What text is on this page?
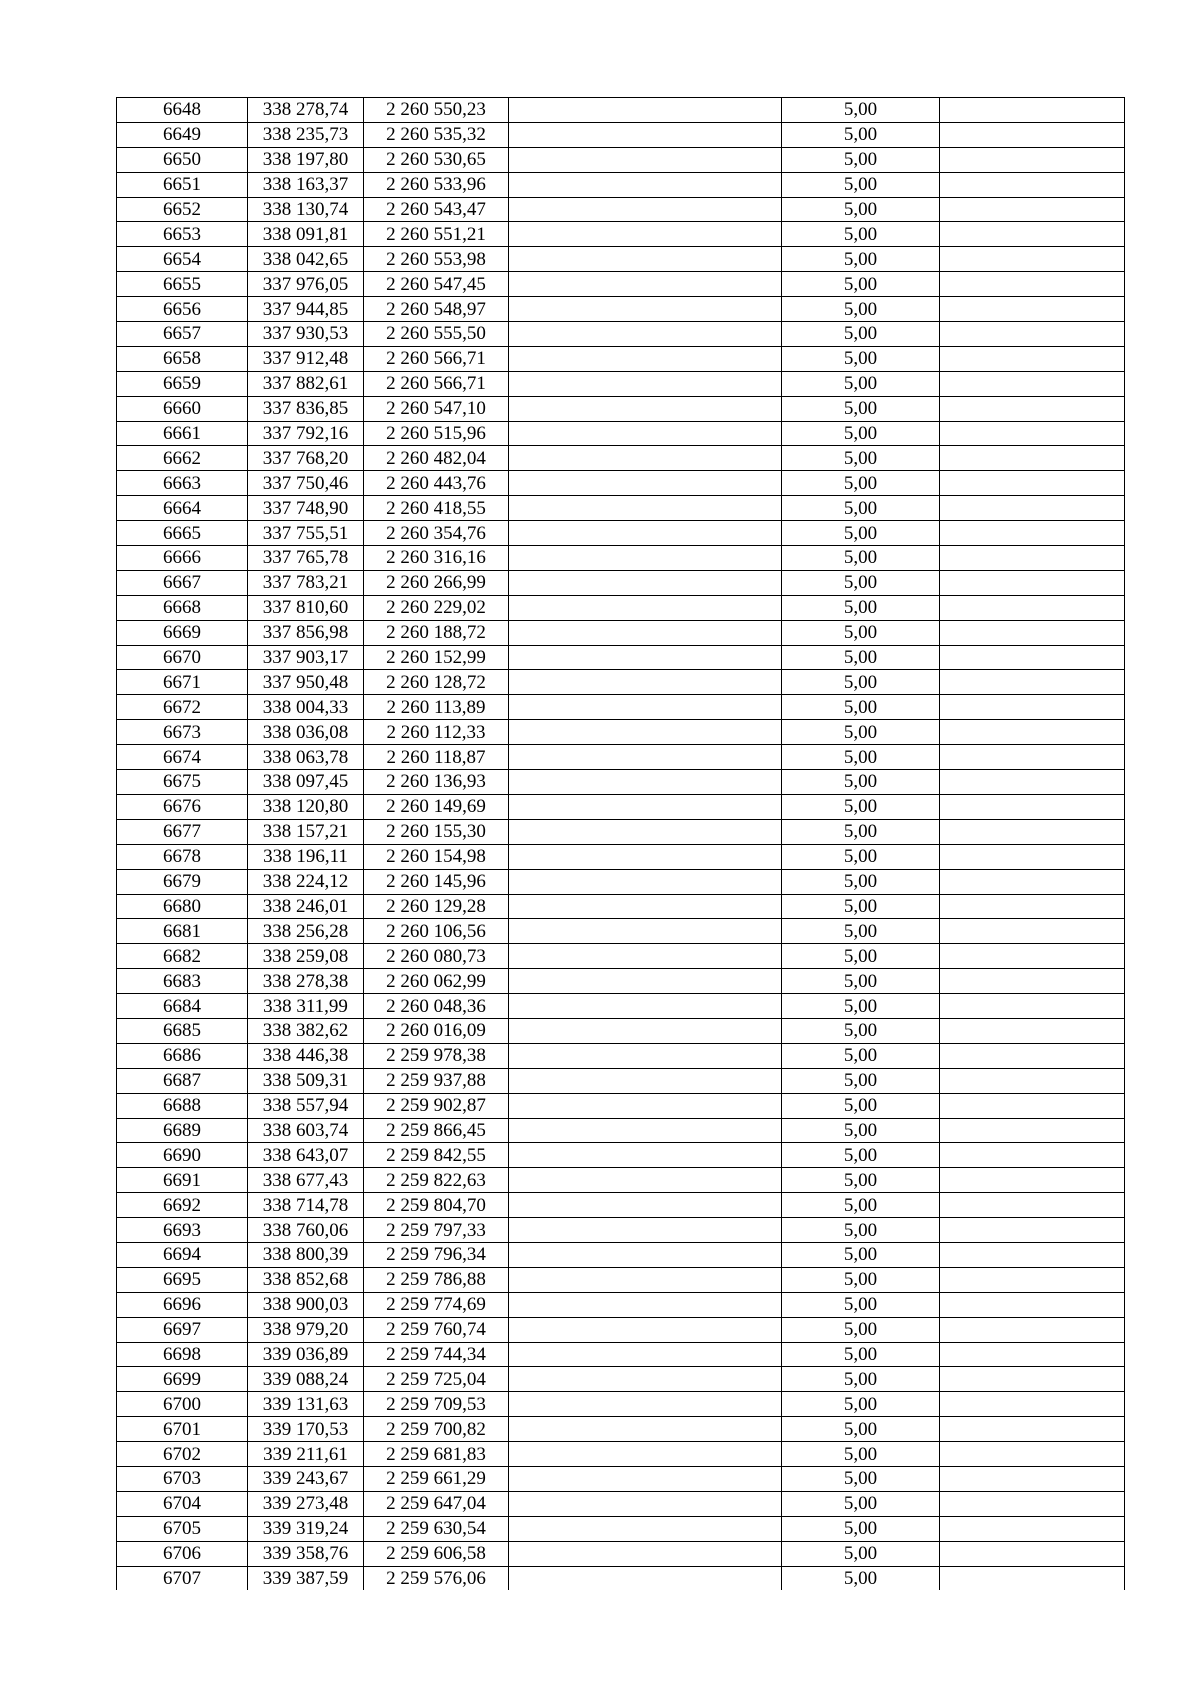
6648	338 278,74	2 260 550,23		5,00	
6649	338 235,73	2 260 535,32		5,00	
6650	338 197,80	2 260 530,65		5,00	
6651	338 163,37	2 260 533,96		5,00	
6652	338 130,74	2 260 543,47		5,00	
6653	338 091,81	2 260 551,21		5,00	
6654	338 042,65	2 260 553,98		5,00	
6655	337 976,05	2 260 547,45		5,00	
6656	337 944,85	2 260 548,97		5,00	
6657	337 930,53	2 260 555,50		5,00	
6658	337 912,48	2 260 566,71		5,00	
6659	337 882,61	2 260 566,71		5,00	
6660	337 836,85	2 260 547,10		5,00	
6661	337 792,16	2 260 515,96		5,00	
6662	337 768,20	2 260 482,04		5,00	
6663	337 750,46	2 260 443,76		5,00	
6664	337 748,90	2 260 418,55		5,00	
6665	337 755,51	2 260 354,76		5,00	
6666	337 765,78	2 260 316,16		5,00	
6667	337 783,21	2 260 266,99		5,00	
6668	337 810,60	2 260 229,02		5,00	
6669	337 856,98	2 260 188,72		5,00	
6670	337 903,17	2 260 152,99		5,00	
6671	337 950,48	2 260 128,72		5,00	
6672	338 004,33	2 260 113,89		5,00	
6673	338 036,08	2 260 112,33		5,00	
6674	338 063,78	2 260 118,87		5,00	
6675	338 097,45	2 260 136,93		5,00	
6676	338 120,80	2 260 149,69		5,00	
6677	338 157,21	2 260 155,30		5,00	
6678	338 196,11	2 260 154,98		5,00	
6679	338 224,12	2 260 145,96		5,00	
6680	338 246,01	2 260 129,28		5,00	
6681	338 256,28	2 260 106,56		5,00	
6682	338 259,08	2 260 080,73		5,00	
6683	338 278,38	2 260 062,99		5,00	
6684	338 311,99	2 260 048,36		5,00	
6685	338 382,62	2 260 016,09		5,00	
6686	338 446,38	2 259 978,38		5,00	
6687	338 509,31	2 259 937,88		5,00	
6688	338 557,94	2 259 902,87		5,00	
6689	338 603,74	2 259 866,45		5,00	
6690	338 643,07	2 259 842,55		5,00	
6691	338 677,43	2 259 822,63		5,00	
6692	338 714,78	2 259 804,70		5,00	
6693	338 760,06	2 259 797,33		5,00	
6694	338 800,39	2 259 796,34		5,00	
6695	338 852,68	2 259 786,88		5,00	
6696	338 900,03	2 259 774,69		5,00	
6697	338 979,20	2 259 760,74		5,00	
6698	339 036,89	2 259 744,34		5,00	
6699	339 088,24	2 259 725,04		5,00	
6700	339 131,63	2 259 709,53		5,00	
6701	339 170,53	2 259 700,82		5,00	
6702	339 211,61	2 259 681,83		5,00	
6703	339 243,67	2 259 661,29		5,00	
6704	339 273,48	2 259 647,04		5,00	
6705	339 319,24	2 259 630,54		5,00	
6706	339 358,76	2 259 606,58		5,00	
6707	339 387,59	2 259 576,06		5,00	
